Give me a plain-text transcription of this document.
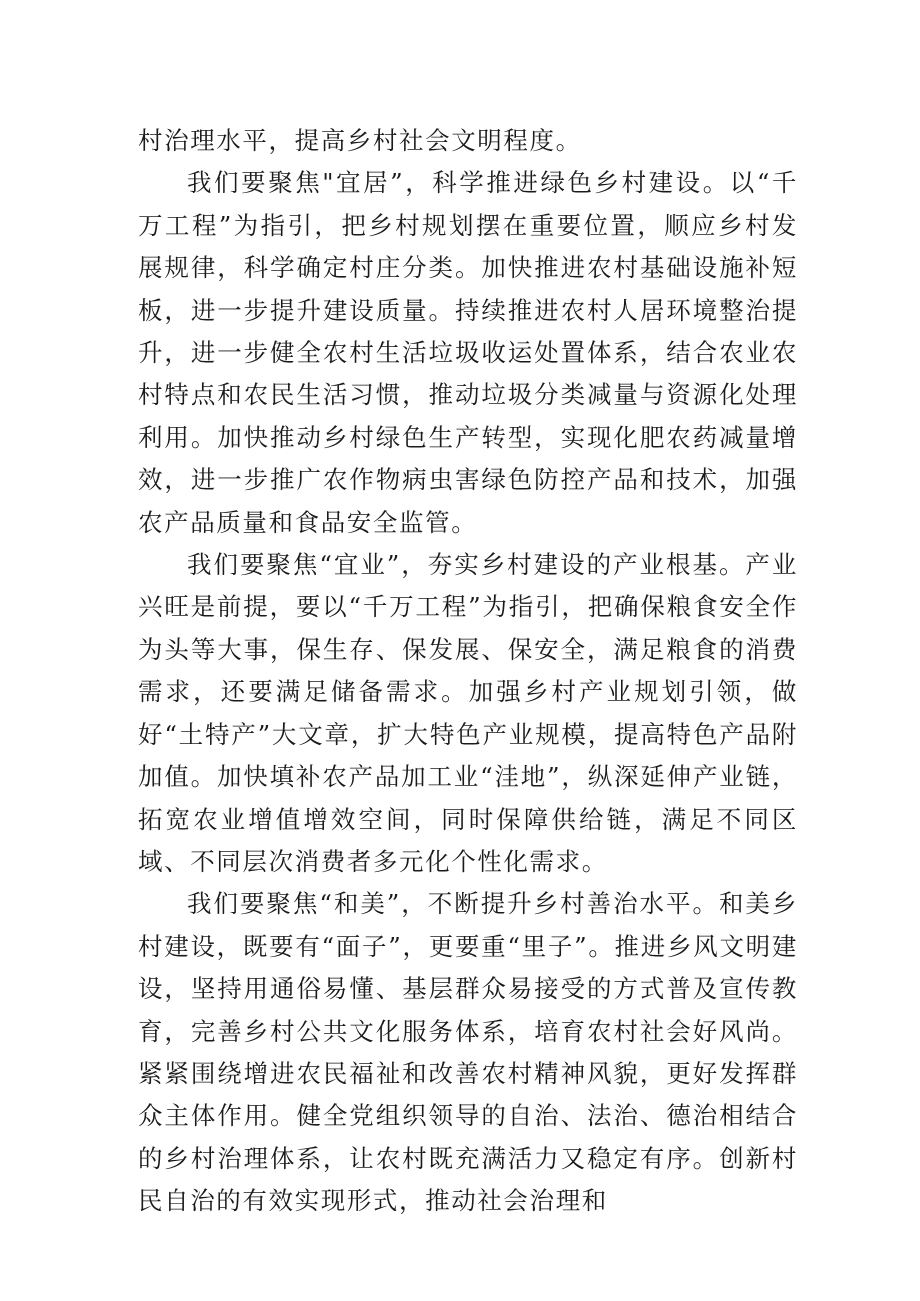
村治理水平，提高乡村社会文明程度。

我们要聚焦"宜居”，科学推进绿色乡村建设。以“千万工程”为指引，把乡村规划摆在重要位置，顺应乡村发展规律，科学确定村庄分类。加快推进农村基础设施补短板，进一步提升建设质量。持续推进农村人居环境整治提升，进一步健全农村生活垃圾收运处置体系，结合农业农村特点和农民生活习惯，推动垃圾分类减量与资源化处理利用。加快推动乡村绿色生产转型，实现化肥农药减量增效，进一步推广农作物病虫害绿色防控产品和技术，加强农产品质量和食品安全监管。

我们要聚焦“宜业”，夯实乡村建设的产业根基。产业兴旺是前提，要以“千万工程”为指引，把确保粮食安全作为头等大事，保生存、保发展、保安全，满足粮食的消费需求，还要满足储备需求。加强乡村产业规划引领，做好“土特产”大文章，扩大特色产业规模，提高特色产品附加值。加快填补农产品加工业“洼地”，纵深延伸产业链，拓宽农业增值增效空间，同时保障供给链，满足不同区域、不同层次消费者多元化个性化需求。

我们要聚焦“和美”，不断提升乡村善治水平。和美乡村建设，既要有“面子”，更要重“里子”。推进乡风文明建设，坚持用通俗易懂、基层群众易接受的方式普及宣传教育，完善乡村公共文化服务体系，培育农村社会好风尚。紧紧围绕增进农民福祉和改善农村精神风貌，更好发挥群众主体作用。健全党组织领导的自治、法治、德治相结合的乡村治理体系，让农村既充满活力又稳定有序。创新村民自治的有效实现形式，推动社会治理和
